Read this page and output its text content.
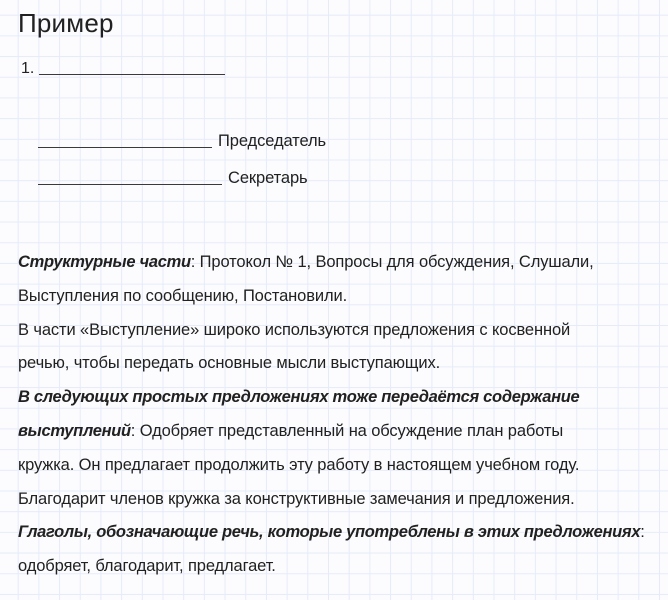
Пример
1.
Председатель
Секретарь
Структурные части: Протокол № 1, Вопросы для обсуждения, Слушали,
Выступления по сообщению, Постановили.
В части «Выступление» широко используются предложения с косвенной
речью, чтобы передать основные мысли выступающих.
В следующих простых предложениях тоже передаётся содержание
выступлений: Одобряет представленный на обсуждение план работы
кружка. Он предлагает продолжить эту работу в настоящем учебном году.
Благодарит членов кружка за конструктивные замечания и предложения.
Глаголы, обозначающие речь, которые употреблены в этих предложениях:
одобряет, благодарит, предлагает.
